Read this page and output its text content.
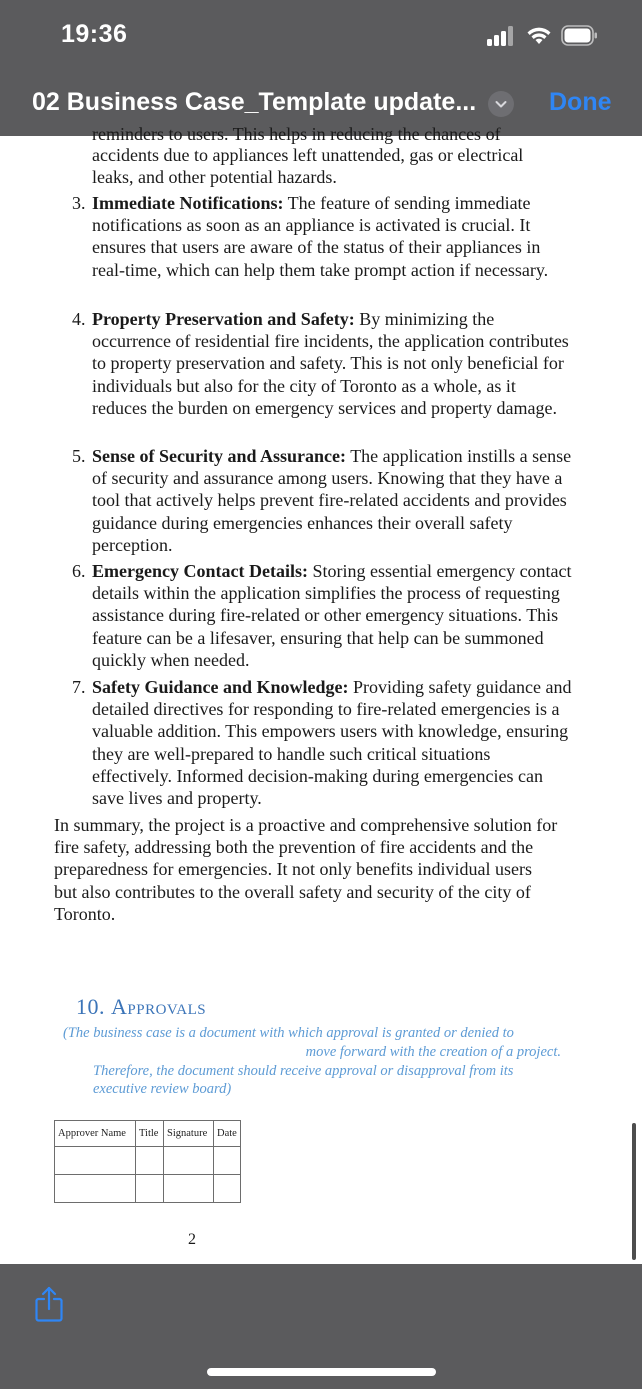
19:36
02 Business Case_Template update...	Done
reminders to users. This helps in reducing the chances of
accidents due to appliances left unattended, gas or electrical leaks, and other potential hazards.
3. Immediate Notifications: The feature of sending immediate notifications as soon as an appliance is activated is crucial. It ensures that users are aware of the status of their appliances in real-time, which can help them take prompt action if necessary.
4. Property Preservation and Safety: By minimizing the occurrence of residential fire incidents, the application contributes to property preservation and safety. This is not only beneficial for individuals but also for the city of Toronto as a whole, as it reduces the burden on emergency services and property damage.
5. Sense of Security and Assurance: The application instills a sense of security and assurance among users. Knowing that they have a tool that actively helps prevent fire-related accidents and provides guidance during emergencies enhances their overall safety perception.
6. Emergency Contact Details: Storing essential emergency contact details within the application simplifies the process of requesting assistance during fire-related or other emergency situations. This feature can be a lifesaver, ensuring that help can be summoned quickly when needed.
7. Safety Guidance and Knowledge: Providing safety guidance and detailed directives for responding to fire-related emergencies is a valuable addition. This empowers users with knowledge, ensuring they are well-prepared to handle such critical situations effectively. Informed decision-making during emergencies can save lives and property.
In summary, the project is a proactive and comprehensive solution for fire safety, addressing both the prevention of fire accidents and the preparedness for emergencies. It not only benefits individual users but also contributes to the overall safety and security of the city of Toronto.
10. Approvals
(The business case is a document with which approval is granted or denied to
move forward with the creation of a project.
Therefore, the document should receive approval or disapproval from its
executive review board)
Approver Name	Title	Signature	Date

2
